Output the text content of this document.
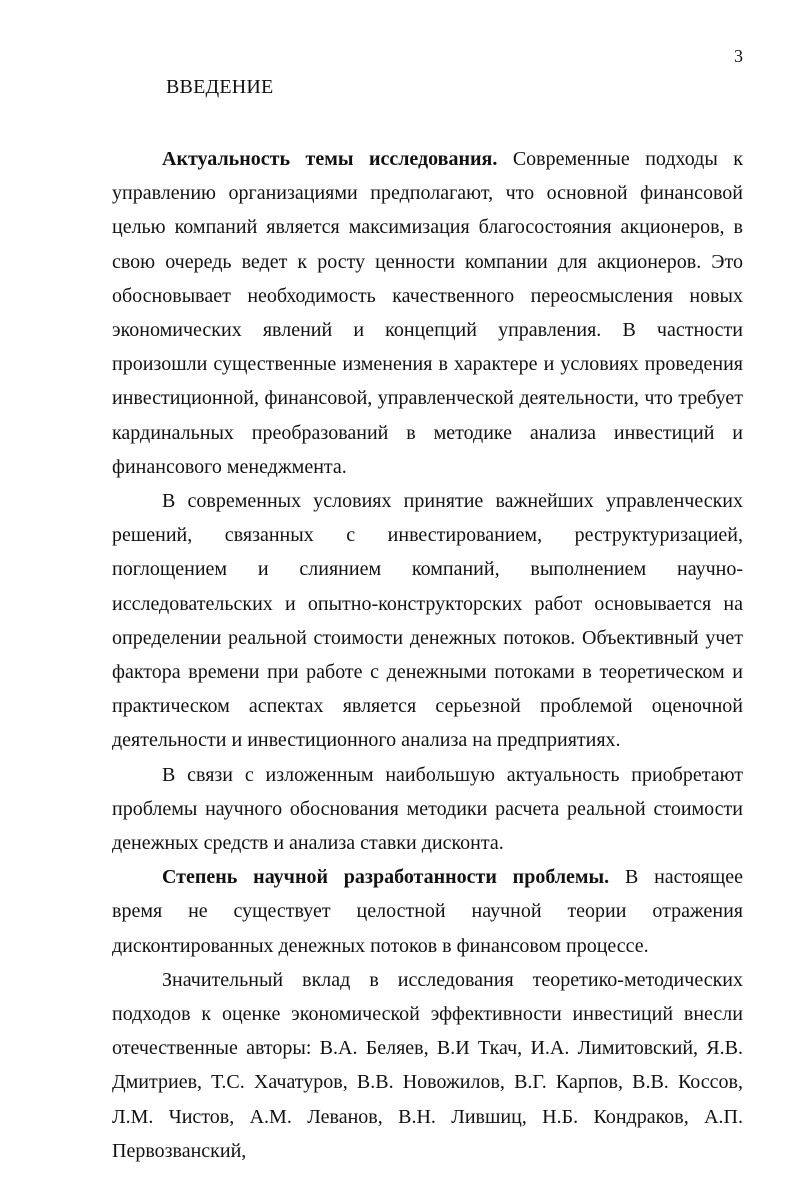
3
ВВЕДЕНИЕ

Актуальность темы исследования. Современные подходы к управлению организациями предполагают, что основной финансовой целью компаний является максимизация благосостояния акционеров, в свою очередь ведет к росту ценности компании для акционеров. Это обосновывает необходимость качественного переосмысления новых экономических явлений и концепций управления. В частности произошли существенные изменения в характере и условиях проведения инвестиционной, финансовой, управленческой деятельности, что требует кардинальных преобразований в методике анализа инвестиций и финансового менеджмента.

В современных условиях принятие важнейших управленческих решений, связанных с инвестированием, реструктуризацией, поглощением и слиянием компаний, выполнением научно-исследовательских и опытно-конструкторских работ основывается на определении реальной стоимости денежных потоков. Объективный учет фактора времени при работе с денежными потоками в теоретическом и практическом аспектах является серьезной проблемой оценочной деятельности и инвестиционного анализа на предприятиях.

В связи с изложенным наибольшую актуальность приобретают проблемы научного обоснования методики расчета реальной стоимости денежных средств и анализа ставки дисконта.

Степень научной разработанности проблемы. В настоящее время не существует целостной научной теории отражения дисконтированных денежных потоков в финансовом процессе.

Значительный вклад в исследования теоретико-методических подходов к оценке экономической эффективности инвестиций внесли отечественные авторы: В.А. Беляев, В.И Ткач, И.А. Лимитовский, Я.В. Дмитриев, Т.С. Хачатуров, В.В. Новожилов, В.Г. Карпов, В.В. Коссов, Л.М. Чистов, А.М. Леванов, В.Н. Лившиц, Н.Б. Кондраков, А.П. Первозванский,
